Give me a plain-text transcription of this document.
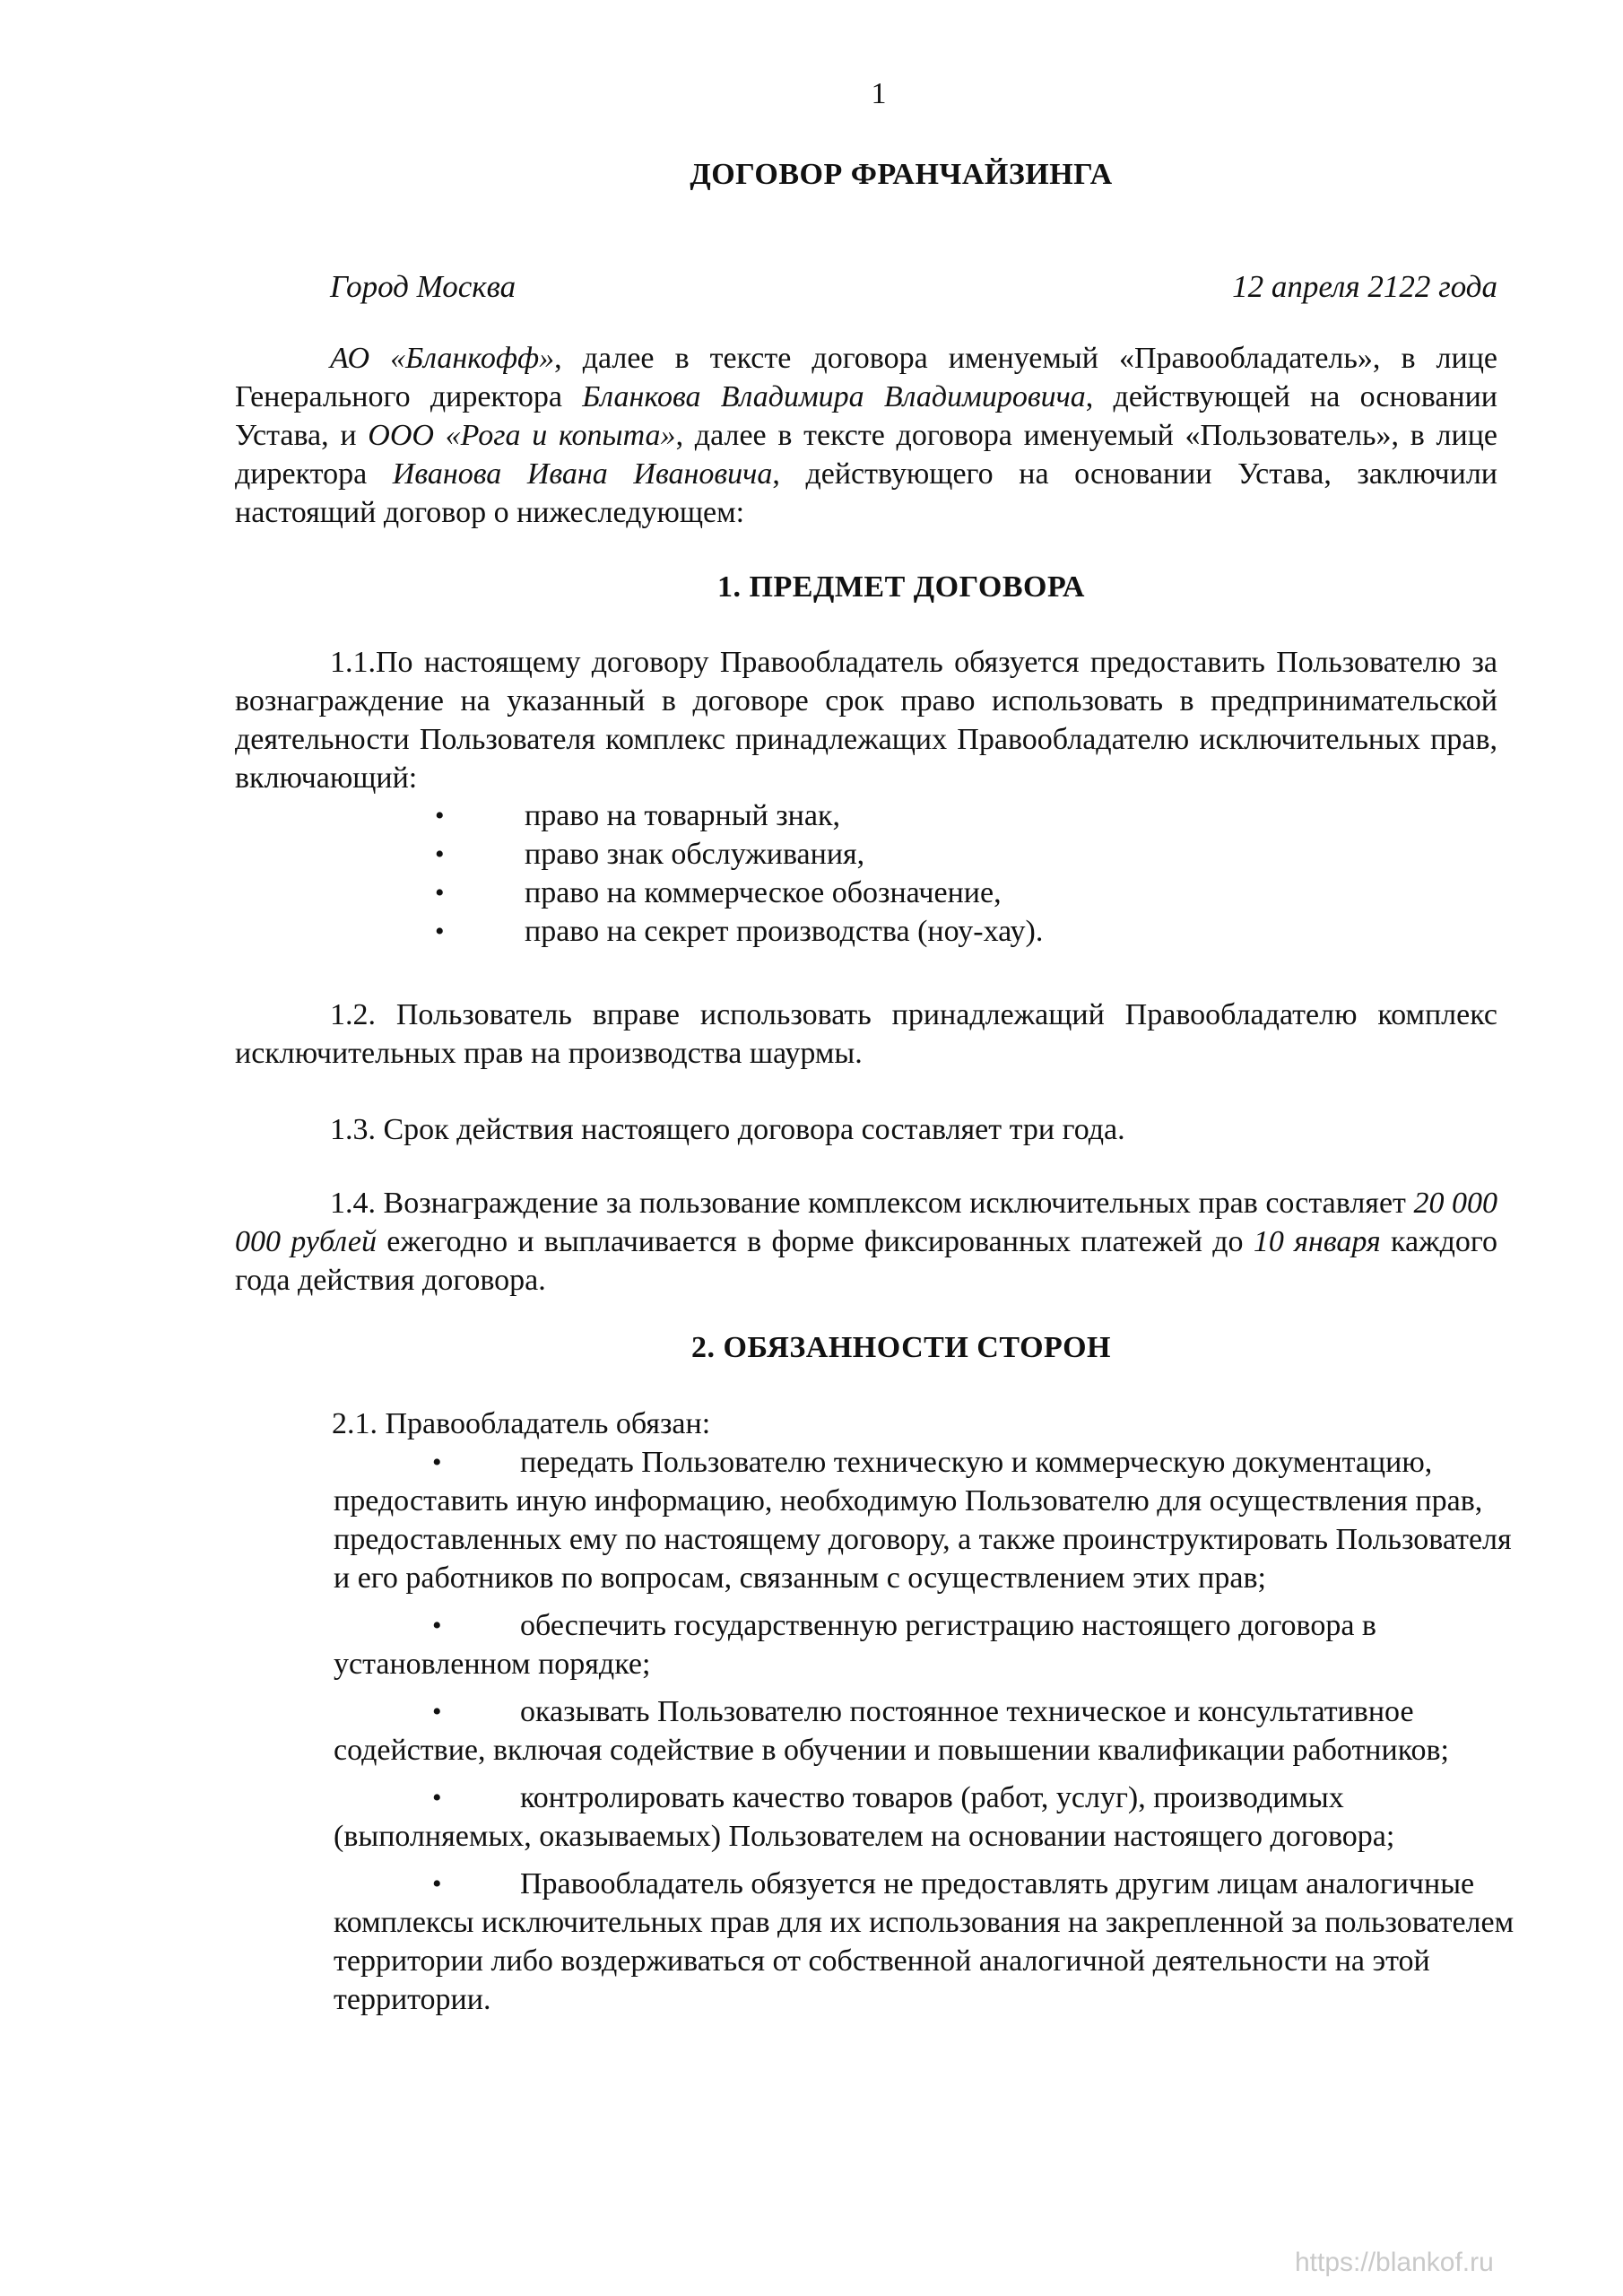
1
ДОГОВОР ФРАНЧАЙЗИНГА
Город Москва	12 апреля 2122 года
АО «Бланкофф», далее в тексте договора именуемый «Правообладатель», в лице Генерального директора Бланкова Владимира Владимировича, действующей на основании Устава, и ООО «Рога и копыта», далее в тексте договора именуемый «Пользователь», в лице директора Иванова Ивана Ивановича, действующего на основании Устава, заключили настоящий договор о нижеследующем:
1. ПРЕДМЕТ ДОГОВОРА
1.1.По настоящему договору Правообладатель обязуется предоставить Пользователю за вознаграждение на указанный в договоре срок право использовать в предпринимательской деятельности Пользователя комплекс принадлежащих Правообладателю исключительных прав, включающий:
•	право на товарный знак,
•	право знак обслуживания,
•	право на коммерческое обозначение,
•	право на секрет производства (ноу-хау).
1.2. Пользователь вправе использовать принадлежащий Правообладателю комплекс исключительных прав на производства шаурмы.
1.3. Срок действия настоящего договора составляет три года.
1.4. Вознаграждение за пользование комплексом исключительных прав составляет 20 000 000 рублей ежегодно и выплачивается в форме фиксированных платежей до 10 января каждого года действия договора.
2. ОБЯЗАННОСТИ СТОРОН
2.1. Правообладатель обязан:
•	передать Пользователю техническую и коммерческую документацию, предоставить иную информацию, необходимую Пользователю для осуществления прав, предоставленных ему по настоящему договору, а также проинструктировать Пользователя и его работников по вопросам, связанным с осуществлением этих прав;
•	обеспечить государственную регистрацию настоящего договора в установленном порядке;
•	оказывать Пользователю постоянное техническое и консультативное содействие, включая содействие в обучении и повышении квалификации работников;
•	контролировать качество товаров (работ, услуг), производимых (выполняемых, оказываемых) Пользователем на основании настоящего договора;
•	Правообладатель обязуется не предоставлять другим лицам аналогичные комплексы исключительных прав для их использования на закрепленной за пользователем территории либо воздерживаться от собственной аналогичной деятельности на этой территории.
https://blankof.ru
